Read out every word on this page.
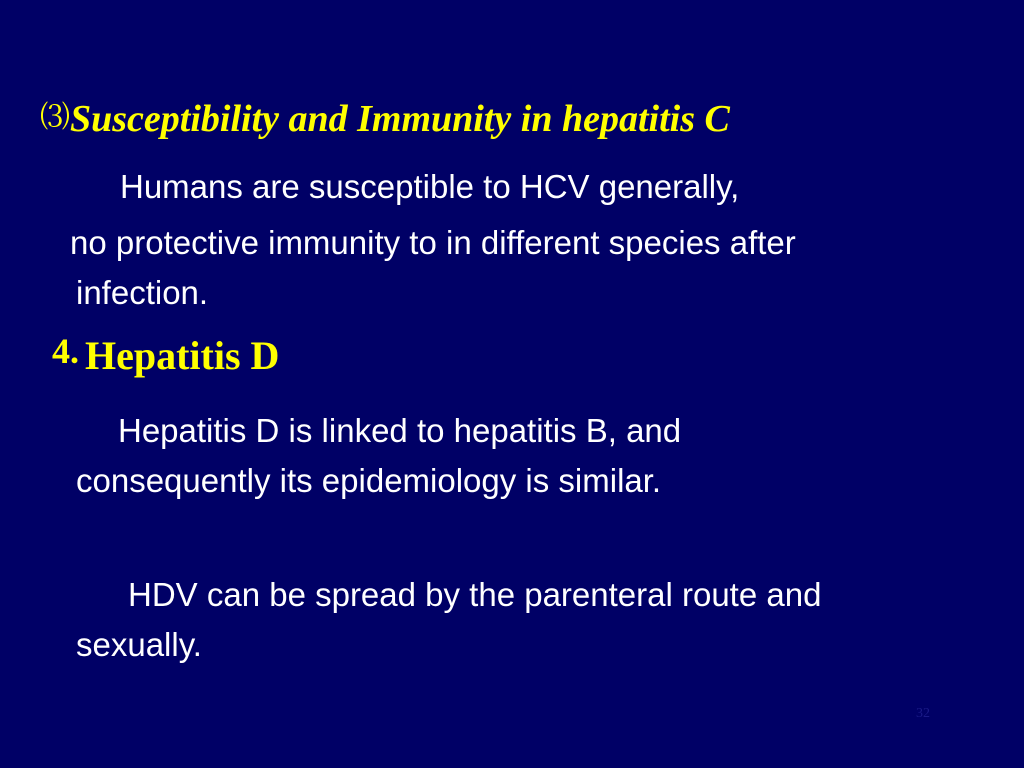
⑶Susceptibility and Immunity in hepatitis C
Humans are susceptible to HCV generally,
no protective immunity to in different species after
infection.
4. Hepatitis D
Hepatitis D is linked to hepatitis B, and
consequently its epidemiology is similar.
HDV can be spread by the parenteral route and
sexually.
32
